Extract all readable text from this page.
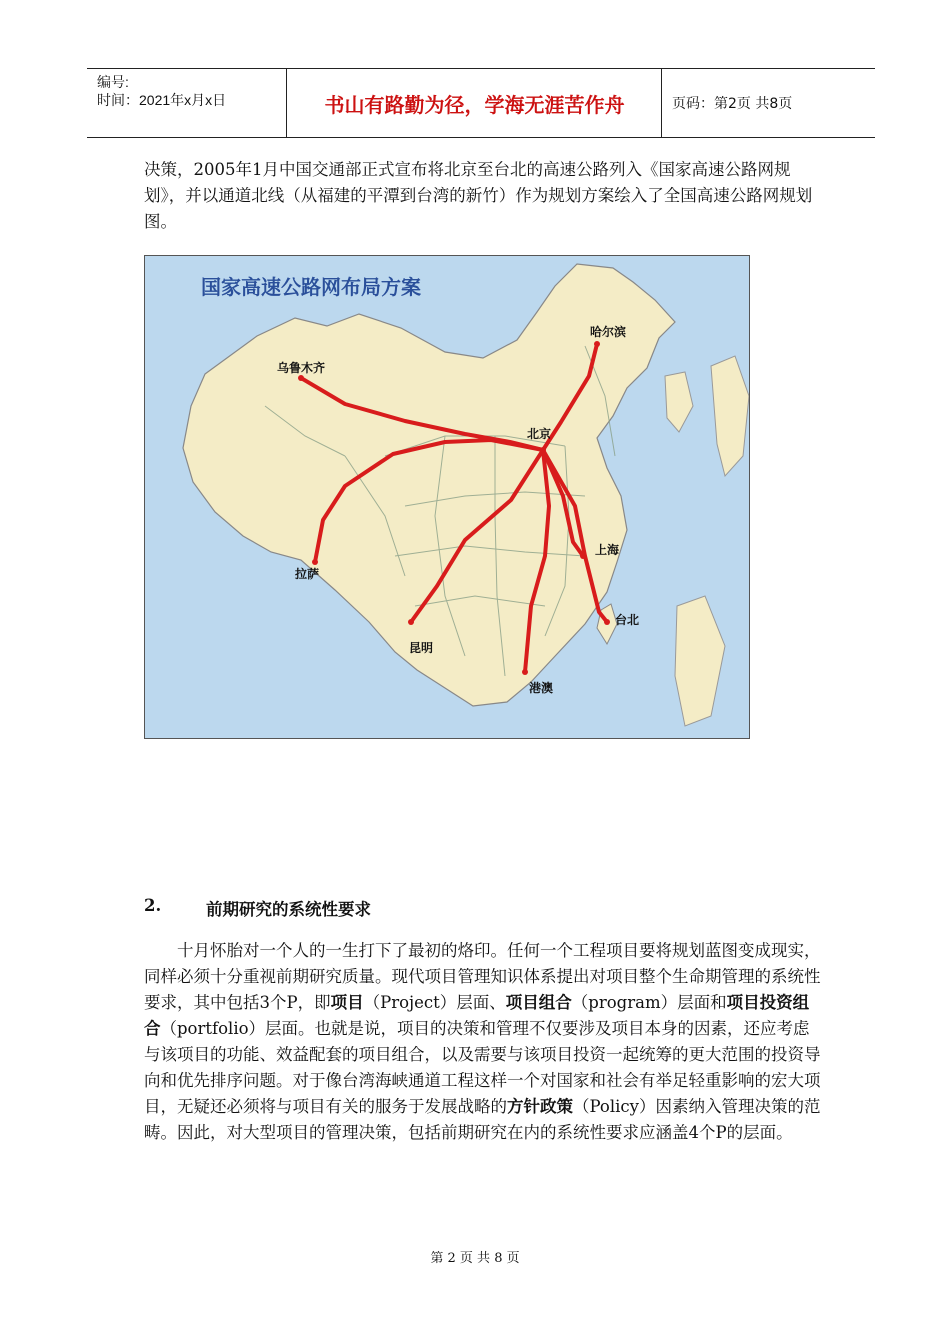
编号:
时间：2021年x月x日	书山有路勤为径，学海无涯苦作舟	页码：第2页 共8页
决策，2005年1月中国交通部正式宣布将北京至台北的高速公路列入《国家高速公路网规划》，并以通道北线（从福建的平潭到台湾的新竹）作为规划方案绘入了全国高速公路网规划图。
国家高速公路网布局方案
乌鲁木齐
哈尔滨
北京
上海
拉萨
台北
昆明
港澳
2.	前期研究的系统性要求
十月怀胎对一个人的一生打下了最初的烙印。任何一个工程项目要将规划蓝图变成现实，同样必须十分重视前期研究质量。现代项目管理知识体系提出对项目整个生命期管理的系统性要求，其中包括3个P，即项目（Project）层面、项目组合（program）层面和项目投资组合（portfolio）层面。也就是说，项目的决策和管理不仅要涉及项目本身的因素，还应考虑与该项目的功能、效益配套的项目组合，以及需要与该项目投资一起统筹的更大范围的投资导向和优先排序问题。对于像台湾海峡通道工程这样一个对国家和社会有举足轻重影响的宏大项目，无疑还必须将与项目有关的服务于发展战略的方针政策（Policy）因素纳入管理决策的范畴。因此，对大型项目的管理决策，包括前期研究在内的系统性要求应涵盖4个P的层面。
第 2 页 共 8 页
